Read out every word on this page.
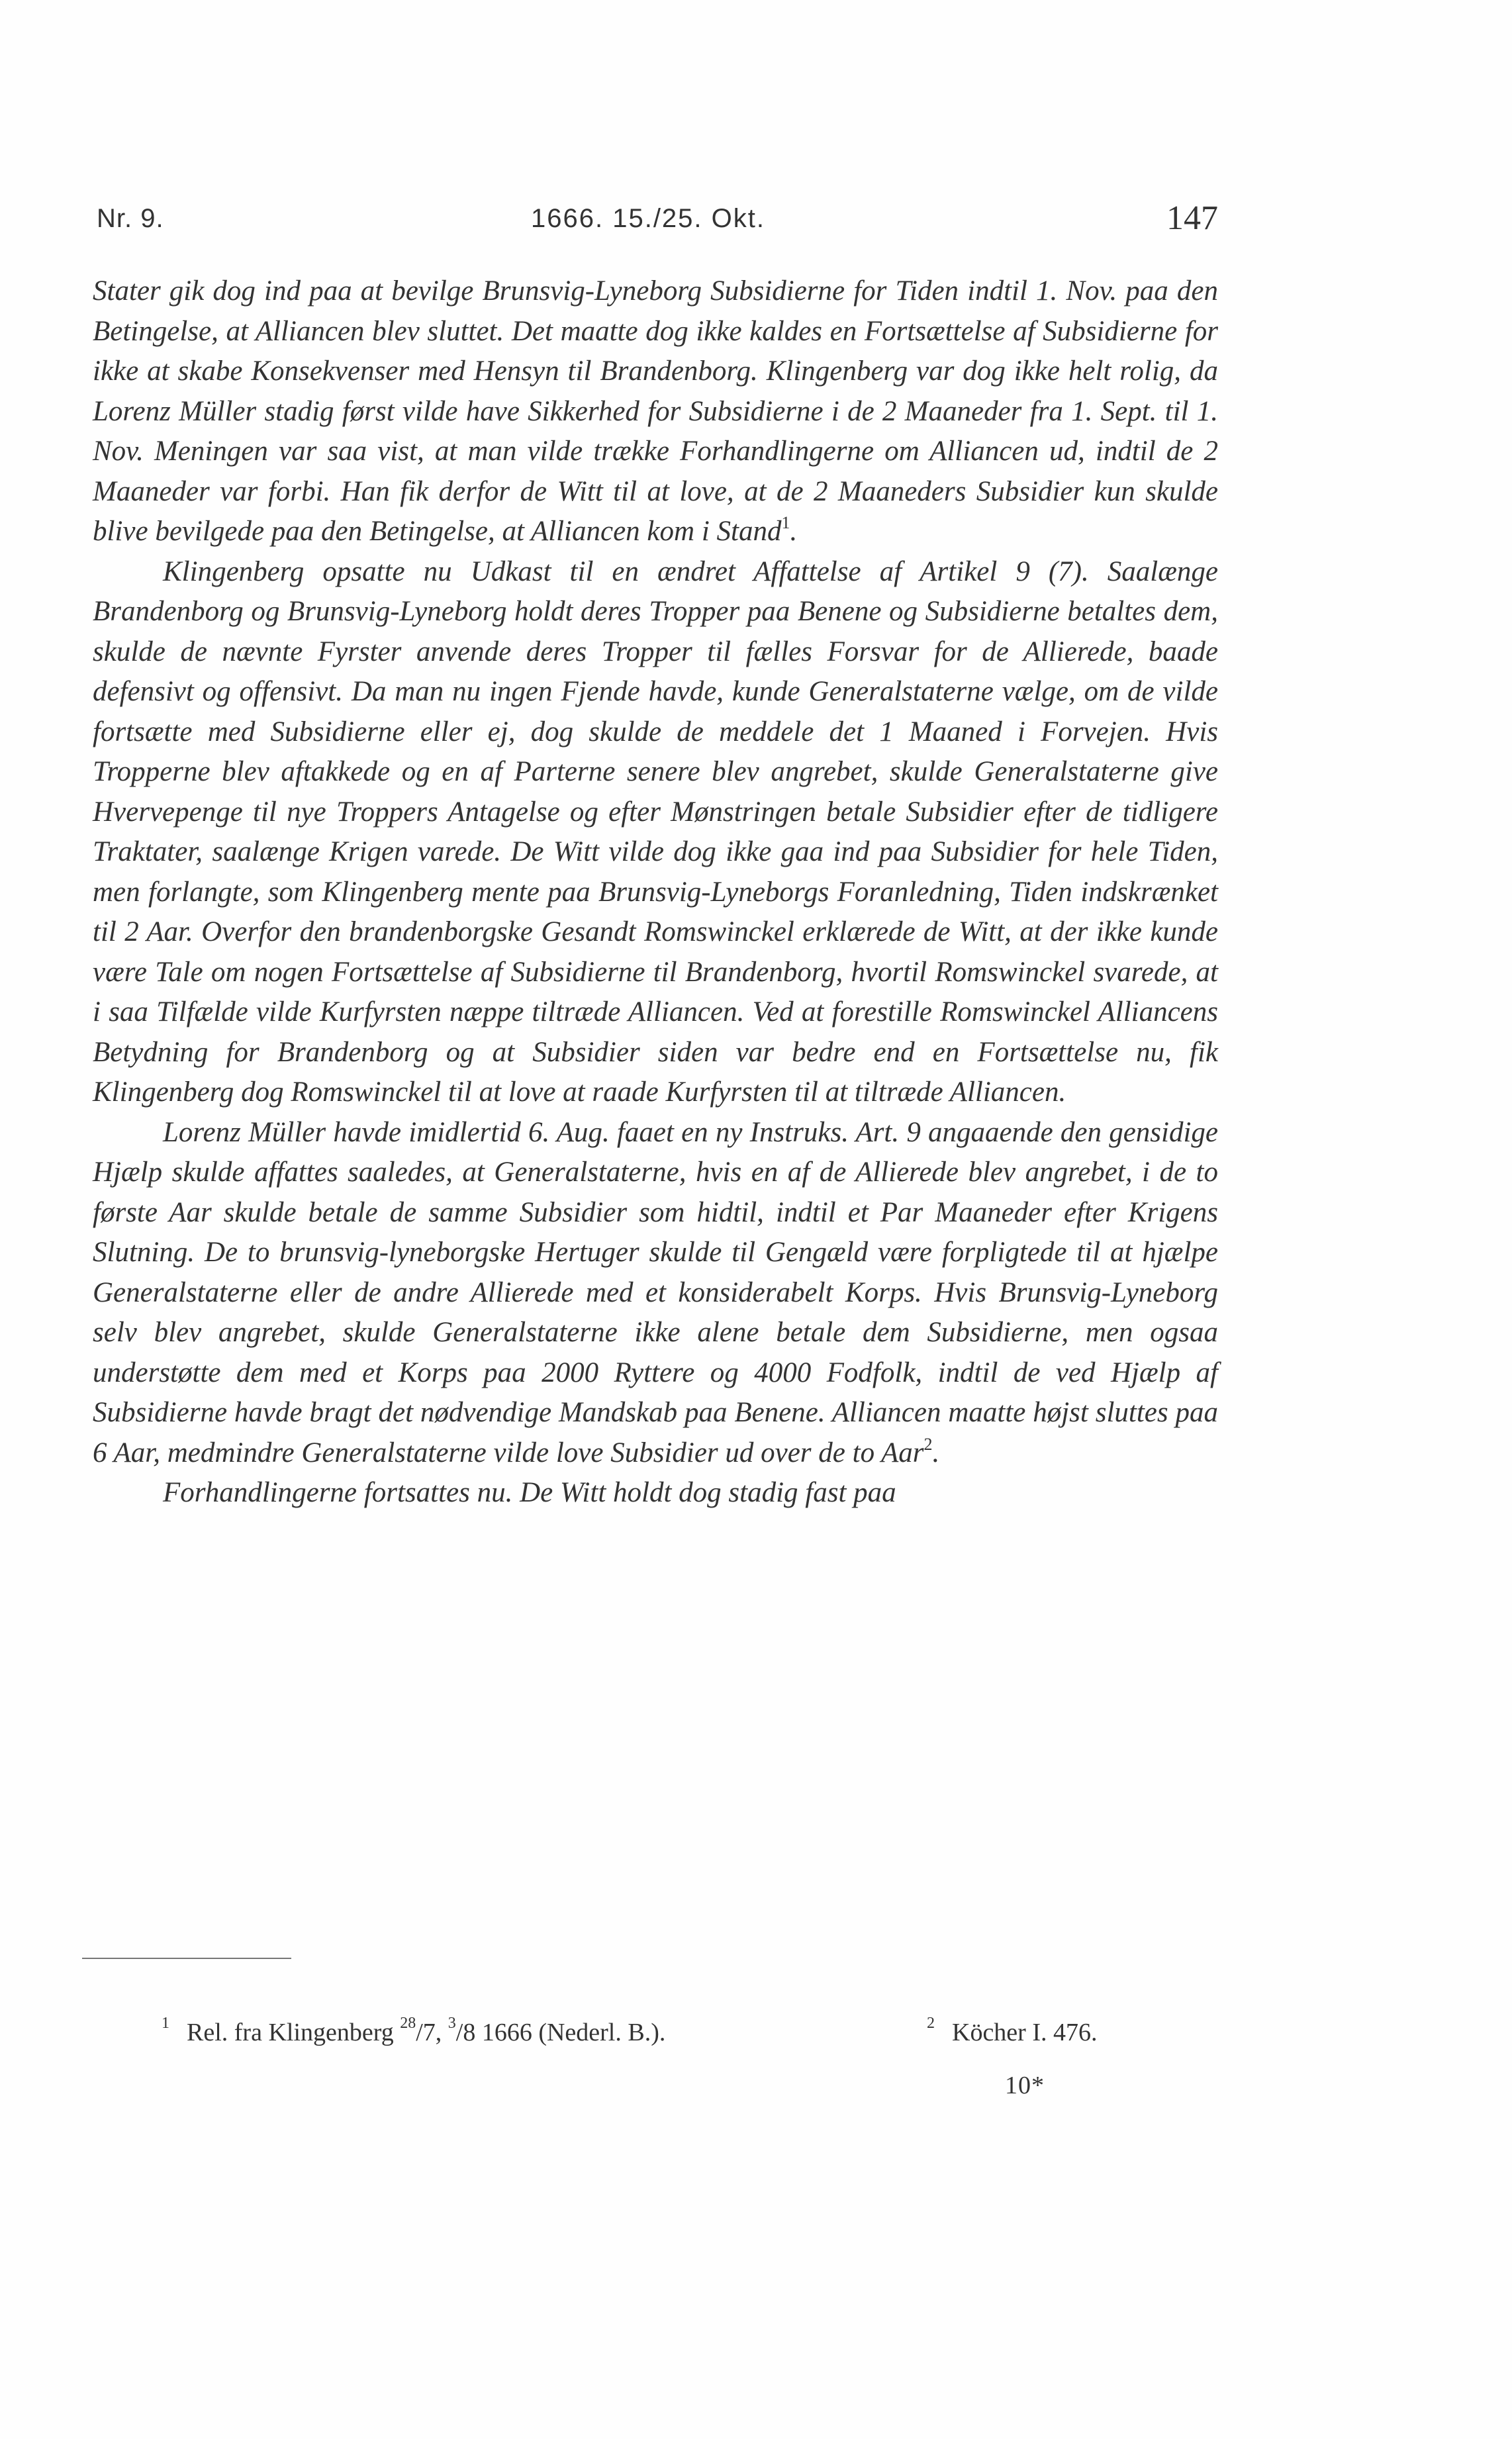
Nr. 9.	1666. 15./25. Okt.	147

Stater gik dog ind paa at bevilge Brunsvig-Lyneborg Subsidierne for Tiden indtil 1. Nov. paa den Betingelse, at Alliancen blev sluttet. Det maatte dog ikke kaldes en Fortsættelse af Subsidierne for ikke at skabe Konsekvenser med Hensyn til Brandenborg. Klingenberg var dog ikke helt rolig, da Lorenz Müller stadig først vilde have Sikkerhed for Subsidierne i de 2 Maaneder fra 1. Sept. til 1. Nov. Meningen var saa vist, at man vilde trække Forhandlingerne om Alliancen ud, indtil de 2 Maaneder var forbi. Han fik derfor de Witt til at love, at de 2 Maaneders Subsidier kun skulde blive bevilgede paa den Betingelse, at Alliancen kom i Stand$^1$.

Klingenberg opsatte nu Udkast til en ændret Affattelse af Artikel 9 (7). Saalænge Brandenborg og Brunsvig-Lyneborg holdt deres Tropper paa Benene og Subsidierne betaltes dem, skulde de nævnte Fyrster anvende deres Tropper til fælles Forsvar for de Allierede, baade defensivt og offensivt. Da man nu ingen Fjende havde, kunde Generalstaterne vælge, om de vilde fortsætte med Subsidierne eller ej, dog skulde de meddele det 1 Maaned i Forvejen. Hvis Tropperne blev aftakkede og en af Parterne senere blev angrebet, skulde Generalstaterne give Hvervepenge til nye Troppers Antagelse og efter Mønstringen betale Subsidier efter de tidligere Traktater, saalænge Krigen varede. De Witt vilde dog ikke gaa ind paa Subsidier for hele Tiden, men forlangte, som Klingenberg mente paa Brunsvig-Lyneborgs Foranledning, Tiden indskrænket til 2 Aar. Overfor den brandenborgske Gesandt Romswinckel erklærede de Witt, at der ikke kunde være Tale om nogen Fortsættelse af Subsidierne til Brandenborg, hvortil Romswinckel svarede, at i saa Tilfælde vilde Kurfyrsten næppe tiltræde Alliancen. Ved at forestille Romswinckel Alliancens Betydning for Brandenborg og at Subsidier siden var bedre end en Fortsættelse nu, fik Klingenberg dog Romswinckel til at love at raade Kurfyrsten til at tiltræde Alliancen.

Lorenz Müller havde imidlertid 6. Aug. faaet en ny Instruks. Art. 9 angaaende den gensidige Hjælp skulde affattes saaledes, at Generalstaterne, hvis en af de Allierede blev angrebet, i de to første Aar skulde betale de samme Subsidier som hidtil, indtil et Par Maaneder efter Krigens Slutning. De to brunsvig-lyneborgske Hertuger skulde til Gengæld være forpligtede til at hjælpe Generalstaterne eller de andre Allierede med et konsiderabelt Korps. Hvis Brunsvig-Lyneborg selv blev angrebet, skulde Generalstaterne ikke alene betale dem Subsidierne, men ogsaa understøtte dem med et Korps paa 2000 Ryttere og 4000 Fodfolk, indtil de ved Hjælp af Subsidierne havde bragt det nødvendige Mandskab paa Benene. Alliancen maatte højst sluttes paa 6 Aar, medmindre Generalstaterne vilde love Subsidier ud over de to Aar$^2$.

Forhandlingerne fortsattes nu. De Witt holdt dog stadig fast paa

$^1$ Rel. fra Klingenberg $^{28}$/7, $^3$/8 1666 (Nederl. B.).	$^2$ Köcher I. 476.
10*
